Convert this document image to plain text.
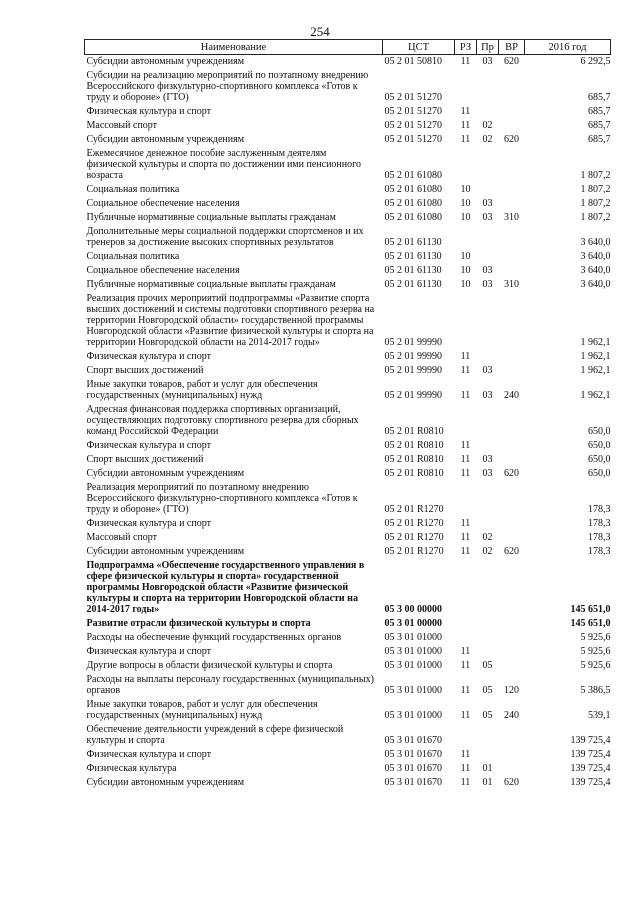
254
Наименование	ЦСТ	РЗ	Пр	ВР	2016 год
Субсидии автономным учреждениям	05 2 01 50810	11	03	620	6 292,5
Субсидии на реализацию мероприятий по поэтапному внедрению Всероссийского физкультурно-спортивного комплекса «Готов к труду и обороне» (ГТО)	05 2 01 51270				685,7
Физическая культура и спорт	05 2 01 51270	11			685,7
Массовый спорт	05 2 01 51270	11	02		685,7
Субсидии автономным учреждениям	05 2 01 51270	11	02	620	685,7
Ежемесячное денежное пособие заслуженным деятелям физической культуры и спорта по достижении ими пенсионного возраста	05 2 01 61080				1 807,2
Социальная политика	05 2 01 61080	10			1 807,2
Социальное обеспечение населения	05 2 01 61080	10	03		1 807,2
Публичные нормативные социальные выплаты гражданам	05 2 01 61080	10	03	310	1 807,2
Дополнительные меры социальной поддержки спортсменов и их тренеров за достижение высоких спортивных результатов	05 2 01 61130				3 640,0
Социальная политика	05 2 01 61130	10			3 640,0
Социальное обеспечение населения	05 2 01 61130	10	03		3 640,0
Публичные нормативные социальные выплаты гражданам	05 2 01 61130	10	03	310	3 640,0
Реализация прочих мероприятий подпрограммы «Развитие спорта высших достижений и системы подготовки спортивного резерва на территории Новгородской области» государственной программы Новгородской области «Развитие физической культуры и спорта на территории Новгородской области на 2014-2017 годы»	05 2 01 99990				1 962,1
Физическая культура и спорт	05 2 01 99990	11			1 962,1
Спорт высших достижений	05 2 01 99990	11	03		1 962,1
Иные закупки товаров, работ и услуг для обеспечения государственных (муниципальных) нужд	05 2 01 99990	11	03	240	1 962,1
Адресная финансовая поддержка спортивных организаций, осуществляющих подготовку спортивного резерва для сборных команд Российской Федерации	05 2 01 R0810				650,0
Физическая культура и спорт	05 2 01 R0810	11			650,0
Спорт высших достижений	05 2 01 R0810	11	03		650,0
Субсидии автономным учреждениям	05 2 01 R0810	11	03	620	650,0
Реализация мероприятий по поэтапному внедрению Всероссийского физкультурно-спортивного комплекса «Готов к труду и обороне» (ГТО)	05 2 01 R1270				178,3
Физическая культура и спорт	05 2 01 R1270	11			178,3
Массовый спорт	05 2 01 R1270	11	02		178,3
Субсидии автономным учреждениям	05 2 01 R1270	11	02	620	178,3
Подпрограмма «Обеспечение государственного управления в сфере физической культуры и спорта» государственной программы Новгородской области «Развитие физической культуры и спорта на территории Новгородской области на 2014-2017 годы»	05 3 00 00000				145 651,0
Развитие отрасли физической культуры и спорта	05 3 01 00000				145 651,0
Расходы на обеспечение функций государственных органов	05 3 01 01000				5 925,6
Физическая культура и спорт	05 3 01 01000	11			5 925,6
Другие вопросы в области физической культуры и спорта	05 3 01 01000	11	05		5 925,6
Расходы на выплаты персоналу государственных (муниципальных) органов	05 3 01 01000	11	05	120	5 386,5
Иные закупки товаров, работ и услуг для обеспечения государственных (муниципальных) нужд	05 3 01 01000	11	05	240	539,1
Обеспечение деятельности учреждений в сфере физической культуры и спорта	05 3 01 01670				139 725,4
Физическая культура и спорт	05 3 01 01670	11			139 725,4
Физическая культура	05 3 01 01670	11	01		139 725,4
Субсидии автономным учреждениям	05 3 01 01670	11	01	620	139 725,4
